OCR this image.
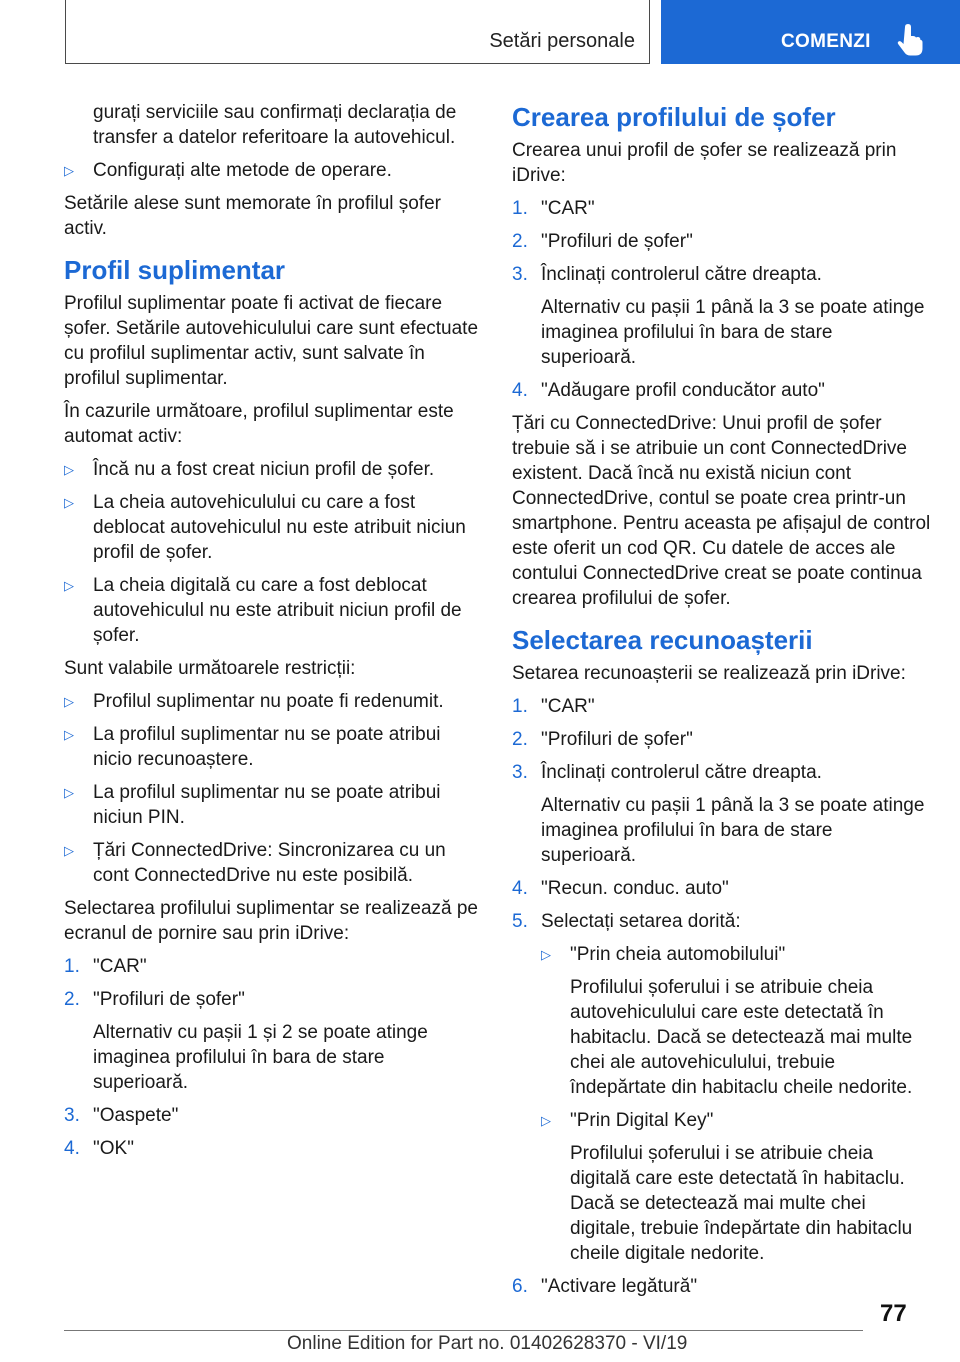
Setări personale	COMENZI
gurați serviciile sau confirmați declarația de transfer a datelor referitoare la autovehicul.
▷ Configurați alte metode de operare.

Setările alese sunt memorate în profilul șofer activ.

Profil suplimentar

Profilul suplimentar poate fi activat de fiecare șofer. Setările autovehiculului care sunt efectuate cu profilul suplimentar activ, sunt salvate în profilul suplimentar.

În cazurile următoare, profilul suplimentar este automat activ:

▷ Încă nu a fost creat niciun profil de șofer.
▷ La cheia autovehiculului cu care a fost deblocat autovehiculul nu este atribuit niciun profil de șofer.
▷ La cheia digitală cu care a fost deblocat autovehiculul nu este atribuit niciun profil de șofer.

Sunt valabile următoarele restricții:

▷ Profilul suplimentar nu poate fi redenumit.
▷ La profilul suplimentar nu se poate atribui nicio recunoaștere.
▷ La profilul suplimentar nu se poate atribui niciun PIN.
▷ Țări ConnectedDrive: Sincronizarea cu un cont ConnectedDrive nu este posibilă.

Selectarea profilului suplimentar se realizează pe ecranul de pornire sau prin iDrive:

1. "CAR"
2. "Profiluri de șofer"
Alternativ cu pașii 1 și 2 se poate atinge imaginea profilului în bara de stare superioară.
3. "Oaspete"
4. "OK"
Crearea profilului de șofer

Crearea unui profil de șofer se realizează prin iDrive:

1. "CAR"
2. "Profiluri de șofer"
3. Înclinați controlerul către dreapta.
Alternativ cu pașii 1 până la 3 se poate atinge imaginea profilului în bara de stare superioară.
4. "Adăugare profil conducător auto"

Țări cu ConnectedDrive: Unui profil de șofer trebuie să i se atribuie un cont ConnectedDrive existent. Dacă încă nu există niciun cont ConnectedDrive, contul se poate crea printr-un smartphone. Pentru aceasta pe afișajul de control este oferit un cod QR. Cu datele de acces ale contului ConnectedDrive creat se poate continua crearea profilului de șofer.

Selectarea recunoașterii

Setarea recunoașterii se realizează prin iDrive:

1. "CAR"
2. "Profiluri de șofer"
3. Înclinați controlerul către dreapta.
Alternativ cu pașii 1 până la 3 se poate atinge imaginea profilului în bara de stare superioară.
4. "Recun. conduc. auto"
5. Selectați setarea dorită:
▷ "Prin cheia automobilului"
Profilului șoferului i se atribuie cheia autovehiculului care este detectată în habitaclu. Dacă se detectează mai multe chei ale autovehiculului, trebuie îndepărtate din habitaclu cheile nedorite.
▷ "Prin Digital Key"
Profilului șoferului i se atribuie cheia digitală care este detectată în habitaclu. Dacă se detectează mai multe chei digitale, trebuie îndepărtate din habitaclu cheile digitale nedorite.
6. "Activare legătură"
77
Online Edition for Part no. 01402628370 - VI/19
